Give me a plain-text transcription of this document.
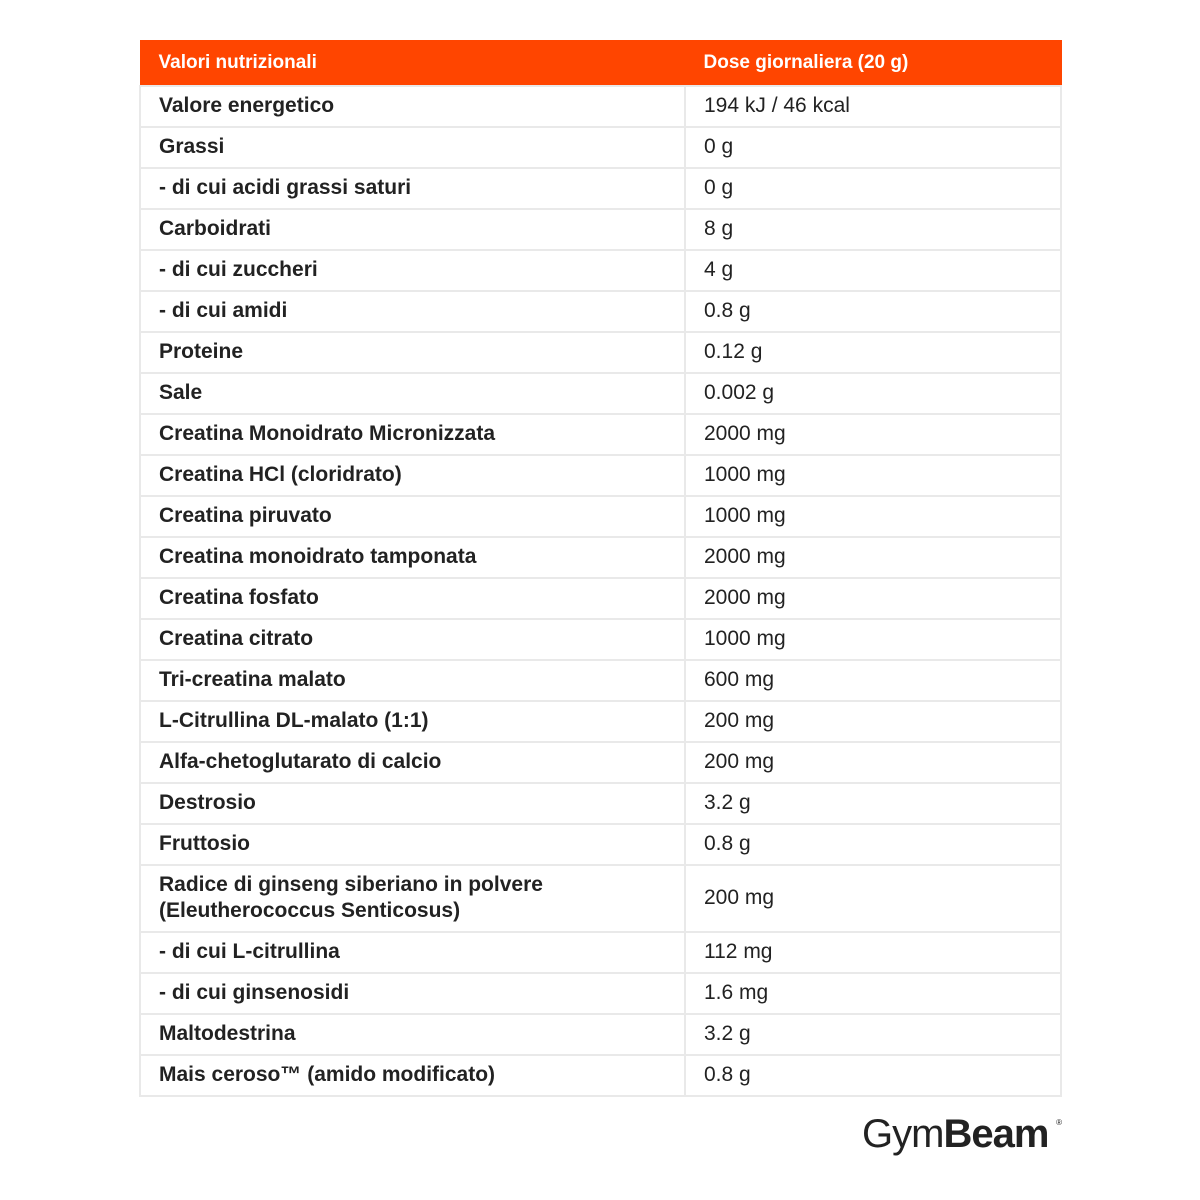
Valori nutrizionali	Dose giornaliera (20 g)
Valore energetico	194 kJ / 46 kcal
Grassi	0 g
- di cui acidi grassi saturi	0 g
Carboidrati	8 g
- di cui zuccheri	4 g
- di cui amidi	0.8 g
Proteine	0.12 g
Sale	0.002 g
Creatina Monoidrato Micronizzata	2000 mg
Creatina HCl (cloridrato)	1000 mg
Creatina piruvato	1000 mg
Creatina monoidrato tamponata	2000 mg
Creatina fosfato	2000 mg
Creatina citrato	1000 mg
Tri-creatina malato	600 mg
L-Citrullina DL-malato (1:1)	200 mg
Alfa-chetoglutarato di calcio	200 mg
Destrosio	3.2 g
Fruttosio	0.8 g
Radice di ginseng siberiano in polvere
(Eleutherococcus Senticosus)	200 mg
- di cui L-citrullina	112 mg
- di cui ginsenosidi	1.6 mg
Maltodestrina	3.2 g
Mais ceroso™ (amido modificato)	0.8 g
GymBeam ®
